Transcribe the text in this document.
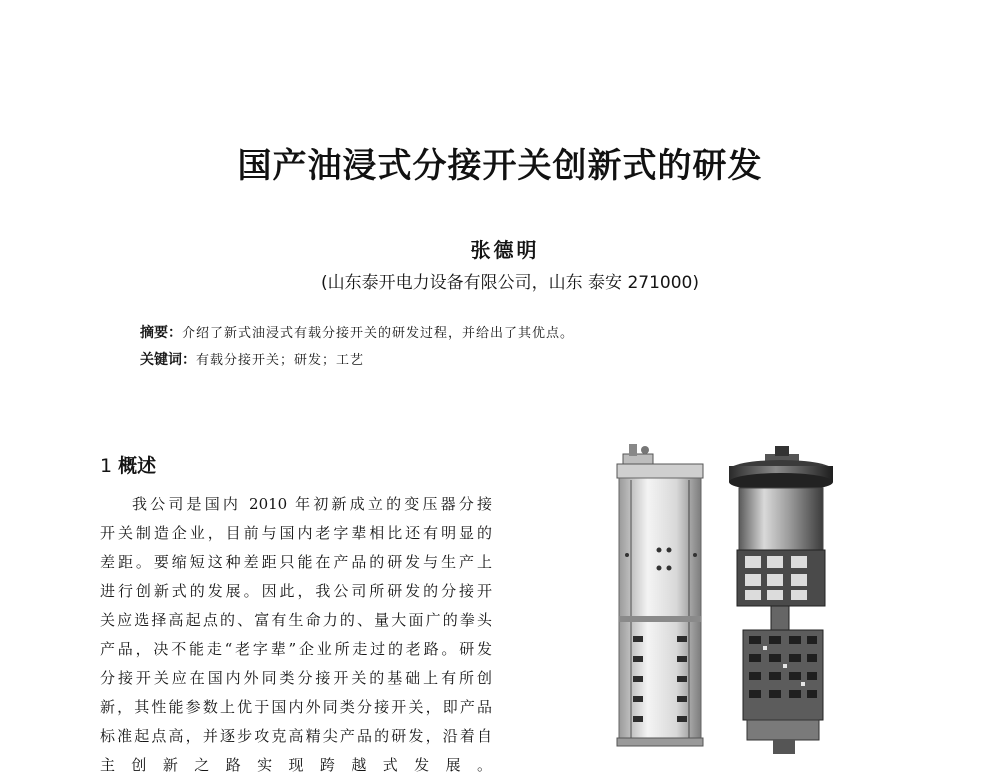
国产油浸式分接开关创新式的研发
张德明
(山东泰开电力设备有限公司，山东 泰安 271000)
摘要：介绍了新式油浸式有载分接开关的研发过程，并给出了其优点。
关键词：有载分接开关；研发；工艺
1 概述
我公司是国内 2010 年初新成立的变压器分接
开关制造企业，目前与国内老字辈相比还有明显的
差距。要缩短这种差距只能在产品的研发与生产上
进行创新式的发展。因此，我公司所研发的分接开
关应选择高起点的、富有生命力的、量大面广的拳头
产品，决不能走“老字辈”企业所走过的老路。研发
分接开关应在国内外同类分接开关的基础上有所创
新，其性能参数上优于国内外同类分接开关，即产品
标准起点高，并逐步攻克高精尖产品的研发，沿着自
主创新之路实现跨越式发展。
